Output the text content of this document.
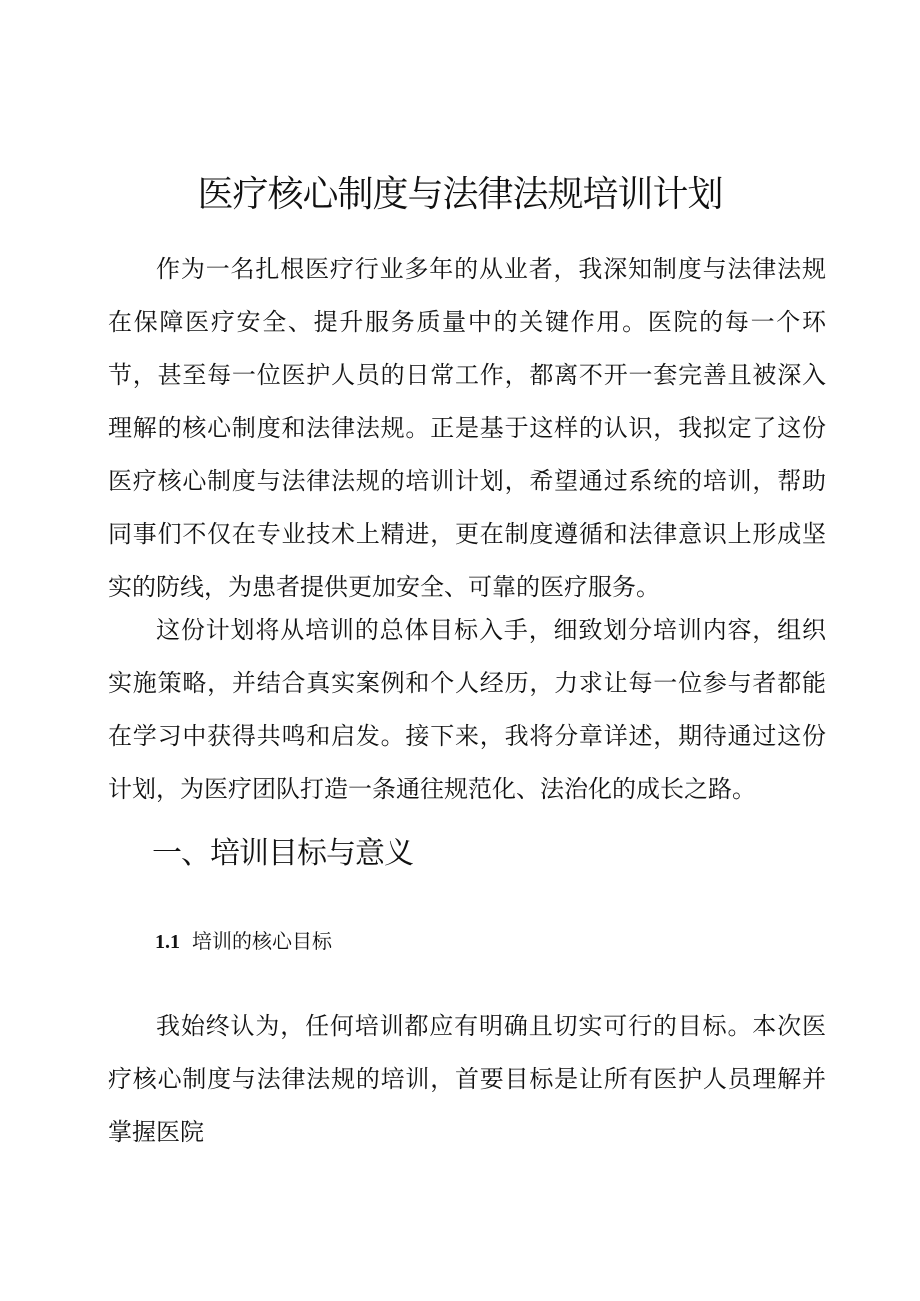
医疗核心制度与法律法规培训计划

作为一名扎根医疗行业多年的从业者，我深知制度与法律法规在保障医疗安全、提升服务质量中的关键作用。医院的每一个环节，甚至每一位医护人员的日常工作，都离不开一套完善且被深入理解的核心制度和法律法规。正是基于这样的认识，我拟定了这份医疗核心制度与法律法规的培训计划，希望通过系统的培训，帮助同事们不仅在专业技术上精进，更在制度遵循和法律意识上形成坚实的防线，为患者提供更加安全、可靠的医疗服务。

这份计划将从培训的总体目标入手，细致划分培训内容，组织实施策略，并结合真实案例和个人经历，力求让每一位参与者都能在学习中获得共鸣和启发。接下来，我将分章详述，期待通过这份计划，为医疗团队打造一条通往规范化、法治化的成长之路。

一、培训目标与意义
1.1 培训的核心目标

我始终认为，任何培训都应有明确且切实可行的目标。本次医疗核心制度与法律法规的培训，首要目标是让所有医护人员理解并掌握医院
